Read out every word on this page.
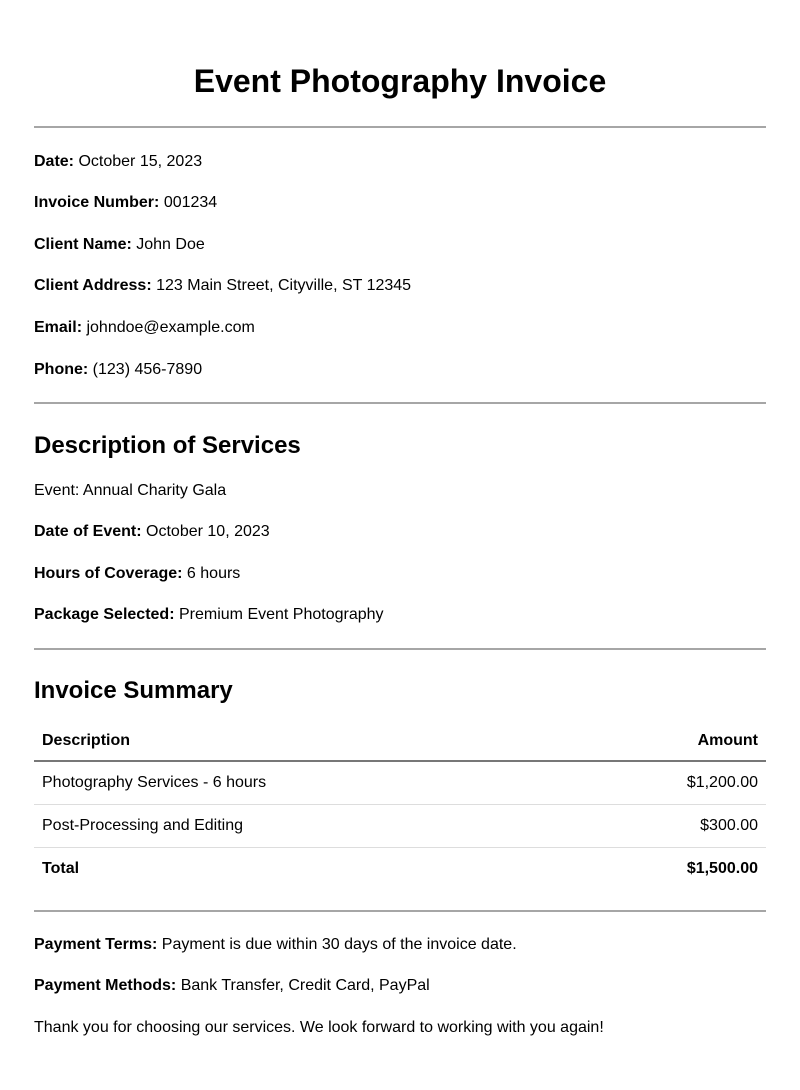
Event Photography Invoice

Date: October 15, 2023

Invoice Number: 001234

Client Name: John Doe

Client Address: 123 Main Street, Cityville, ST 12345

Email: johndoe@example.com

Phone: (123) 456-7890

Description of Services

Event: Annual Charity Gala

Date of Event: October 10, 2023

Hours of Coverage: 6 hours

Package Selected: Premium Event Photography

Invoice Summary
Description	Amount
Photography Services - 6 hours	$1,200.00
Post-Processing and Editing	$300.00
Total	$1,500.00

Payment Terms: Payment is due within 30 days of the invoice date.

Payment Methods: Bank Transfer, Credit Card, PayPal

Thank you for choosing our services. We look forward to working with you again!
